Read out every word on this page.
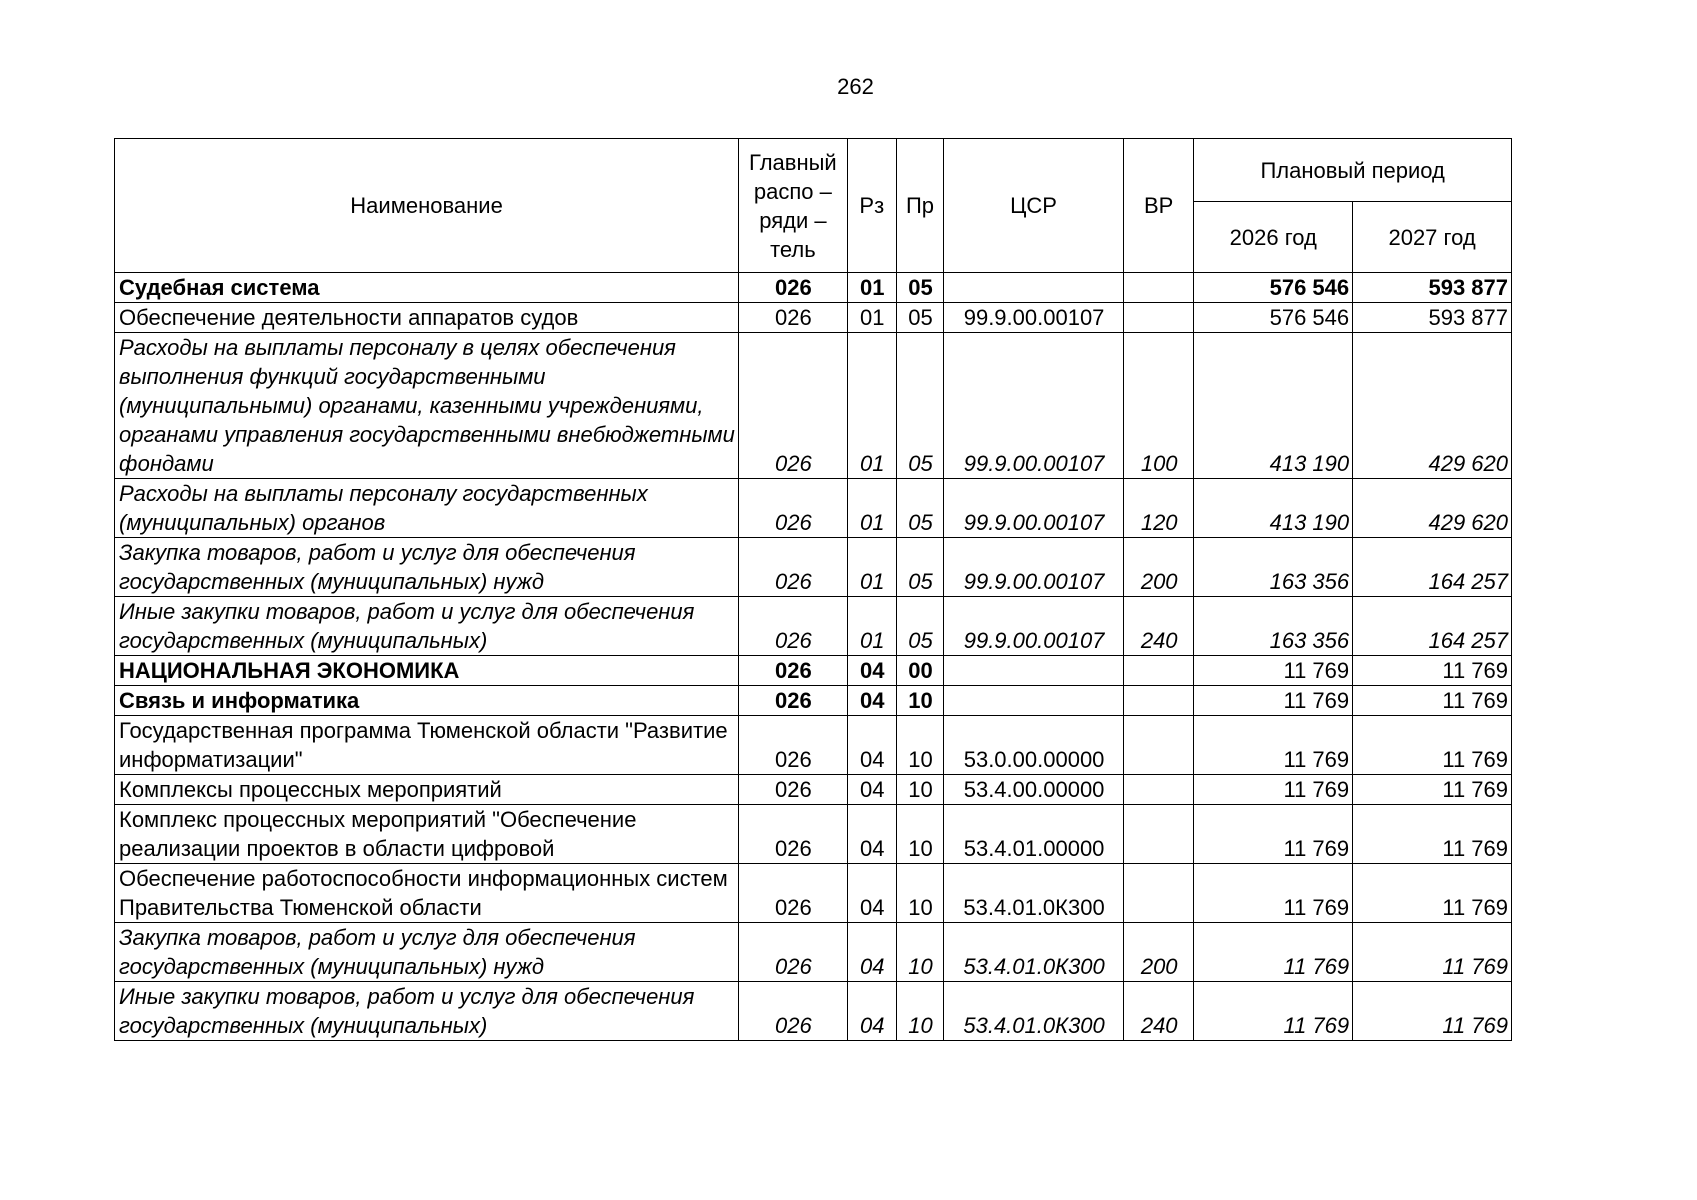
262
Наименование	Главный
распо –
ряди –
тель	Рз	Пр	ЦСР	ВР	Плановый период	
						2026 год	2027 год
Судебная система	026	01	05			576 546	593 877
Обеспечение деятельности аппаратов судов	026	01	05	99.9.00.00107		576 546	593 877
Расходы на выплаты персоналу в целях обеспечения выполнения функций государственными (муниципальными) органами, казенными учреждениями, органами управления государственными внебюджетными фондами	026	01	05	99.9.00.00107	100	413 190	429 620
Расходы на выплаты персоналу государственных (муниципальных) органов	026	01	05	99.9.00.00107	120	413 190	429 620
Закупка товаров, работ и услуг для обеспечения государственных (муниципальных) нужд	026	01	05	99.9.00.00107	200	163 356	164 257
Иные закупки товаров, работ и услуг для обеспечения государственных (муниципальных)	026	01	05	99.9.00.00107	240	163 356	164 257
НАЦИОНАЛЬНАЯ ЭКОНОМИКА	026	04	00			11 769	11 769
Связь и информатика	026	04	10			11 769	11 769
Государственная программа Тюменской области "Развитие информатизации"	026	04	10	53.0.00.00000		11 769	11 769
Комплексы процессных мероприятий	026	04	10	53.4.00.00000		11 769	11 769
Комплекс процессных мероприятий "Обеспечение реализации проектов в области цифровой	026	04	10	53.4.01.00000		11 769	11 769
Обеспечение работоспособности информационных систем Правительства Тюменской области	026	04	10	53.4.01.0К300		11 769	11 769
Закупка товаров, работ и услуг для обеспечения государственных (муниципальных) нужд	026	04	10	53.4.01.0К300	200	11 769	11 769
Иные закупки товаров, работ и услуг для обеспечения государственных (муниципальных)	026	04	10	53.4.01.0К300	240	11 769	11 769
